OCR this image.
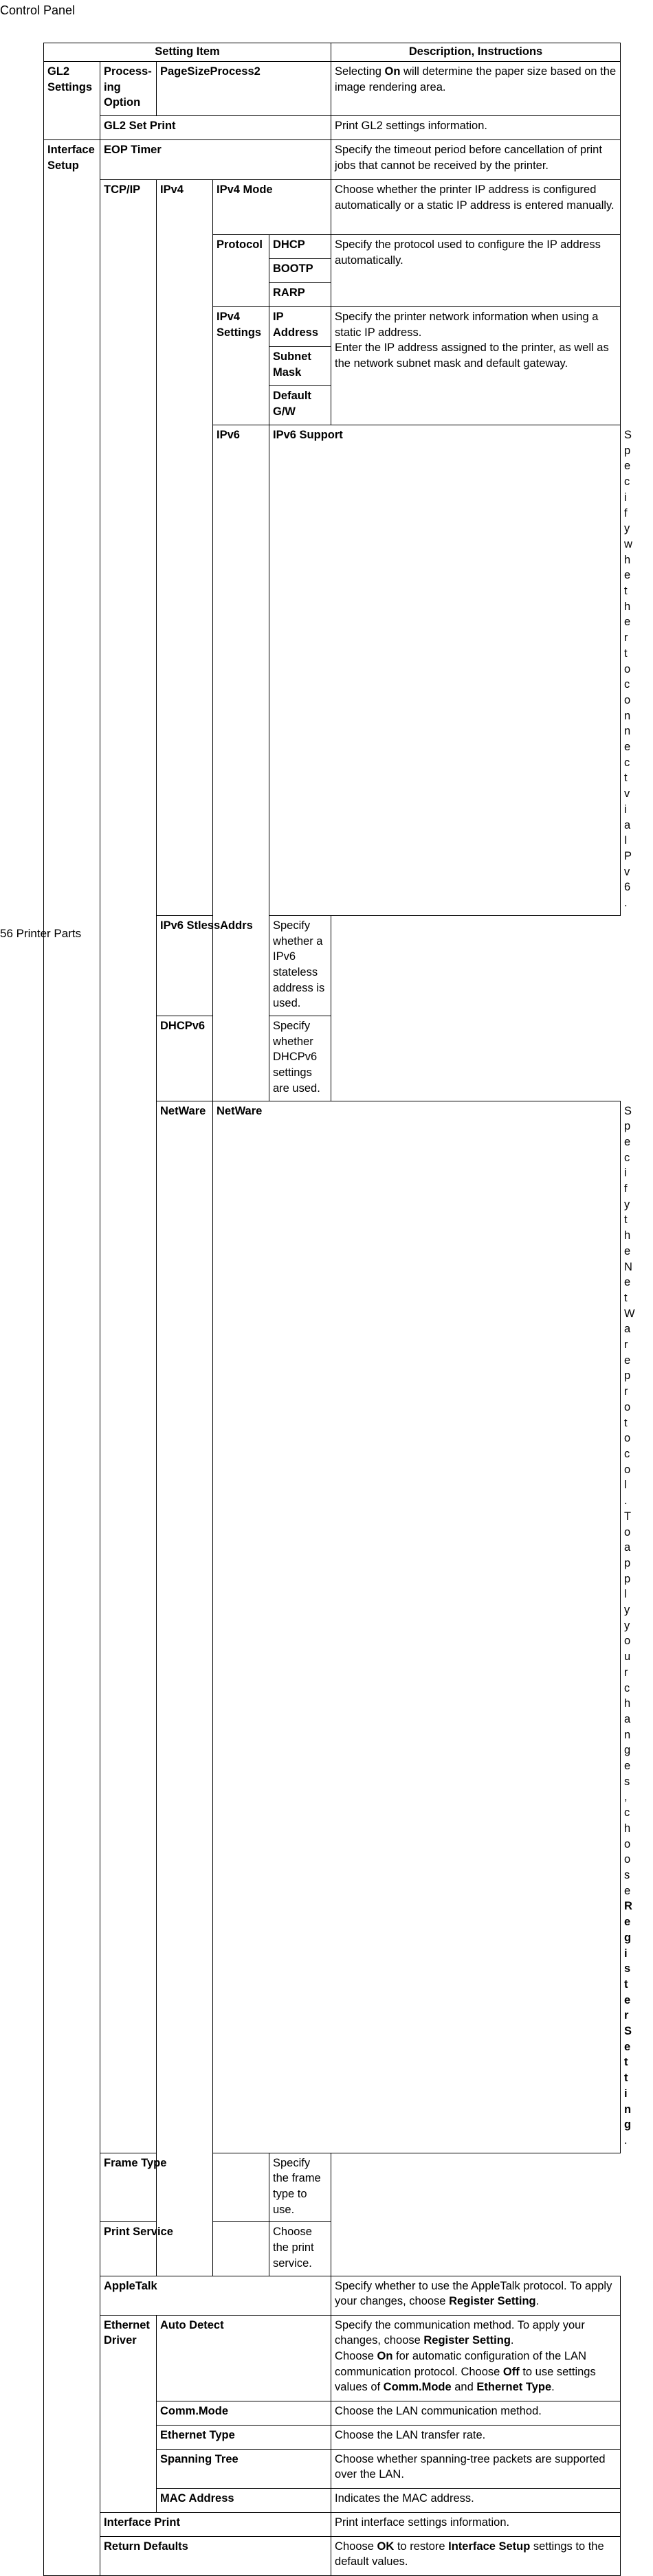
Control Panel
Setting Item					Description, Instructions	
GL2 Settings	Process-ing Option	PageSizeProcess2			Selecting On will determine the paper size based on the image rendering area.	
	GL2 Set Print				Print GL2 settings information.	
Interface Setup	EOP Timer				Specify the timeout period before cancellation of print jobs that cannot be received by the printer.	
	TCP/IP	IPv4	IPv4 Mode		Choose whether the printer IP address is configured automatically or a static IP address is entered manually.	
			Protocol	DHCP	Specify the protocol used to configure the IP address automatically.	
				BOOTP		
				RARP		
			IPv4 Settings	IP Address	Specify the printer network information when using a static IP address.
Enter the IP address assigned to the printer, as well as the network subnet mask and default gateway.	

				Subnet Mask		
				Default G/W		
			IPv6	IPv6 Support		Specify whether to connect via IPv6.
		IPv6 StlessAddrs		Specify whether a IPv6 stateless address is used.		
		DHCPv6		Specify whether DHCPv6 settings are used.		
		NetWare	NetWare			Specify the NetWare protocol. To apply your changes, choose Register Setting.
	Frame Type			Specify the frame type to use.		
	Print Service			Choose the print service.		
	AppleTalk				Specify whether to use the AppleTalk protocol. To apply your changes, choose Register Setting.	
	Ethernet Driver	Auto Detect			Specify the communication method. To apply your changes, choose Register Setting.
Choose On for automatic configuration of the LAN communication protocol. Choose Off to use settings values of Comm.Mode and Ethernet Type.	

		Comm.Mode			Choose the LAN communication method.	
		Ethernet Type			Choose the LAN transfer rate.	
		Spanning Tree			Choose whether spanning-tree packets are supported over the LAN.	
		MAC Address			Indicates the MAC address.	
	Interface Print				Print interface settings information.	
	Return Defaults				Choose OK to restore Interface Setup settings to the default values.	
56 Printer Parts
